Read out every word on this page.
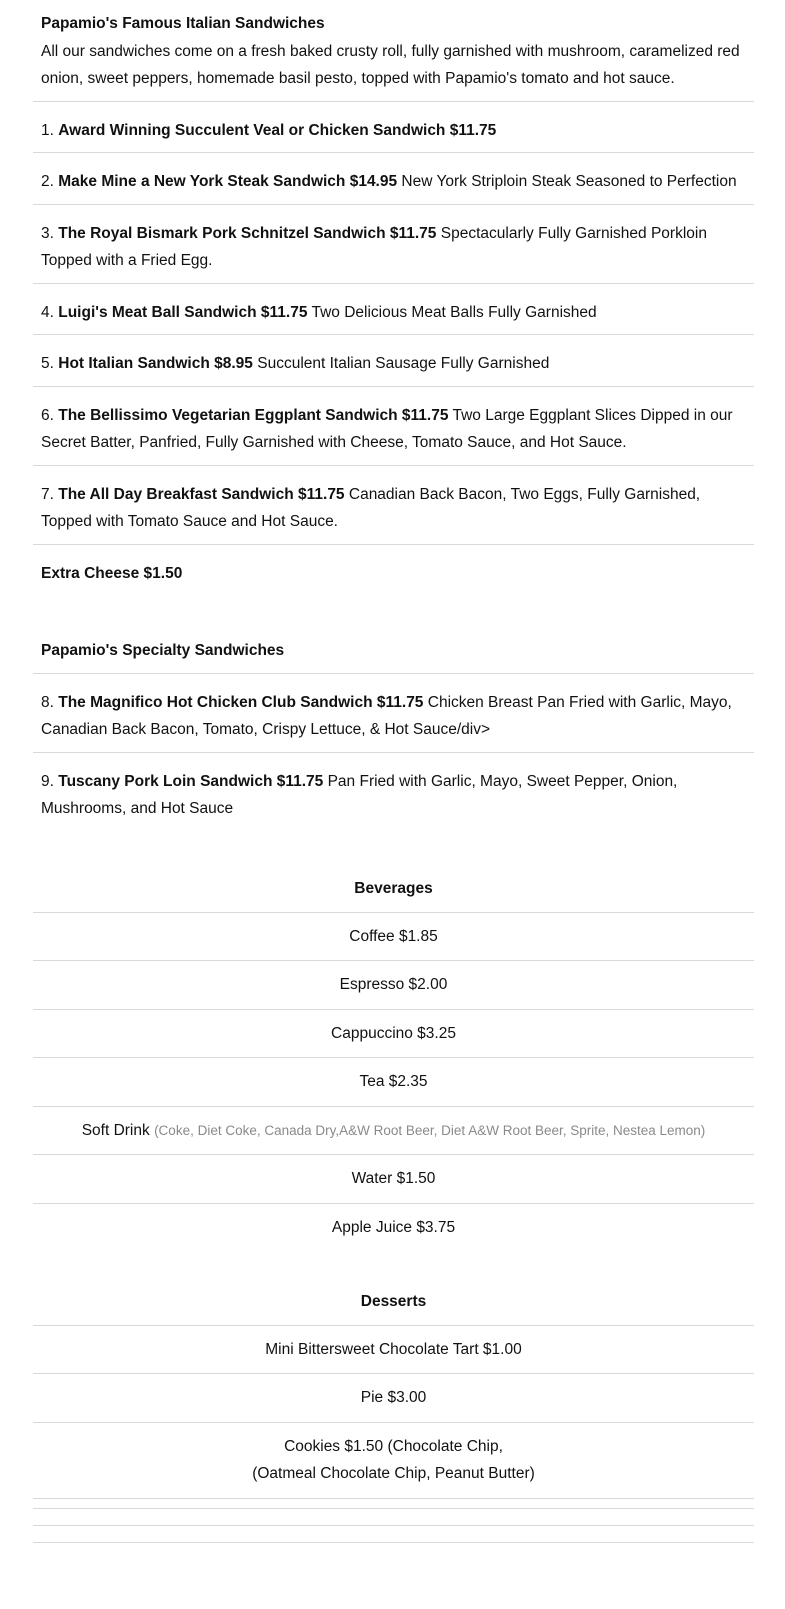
Papamio's Famous Italian Sandwiches
All our sandwiches come on a fresh baked crusty roll, fully garnished with mushroom, caramelized red onion, sweet peppers, homemade basil pesto, topped with Papamio's tomato and hot sauce.
1. Award Winning Succulent Veal or Chicken Sandwich $11.75
2. Make Mine a New York Steak Sandwich $14.95 New York Striploin Steak Seasoned to Perfection
3. The Royal Bismark Pork Schnitzel Sandwich $11.75 Spectacularly Fully Garnished Porkloin Topped with a Fried Egg.
4. Luigi's Meat Ball Sandwich $11.75 Two Delicious Meat Balls Fully Garnished
5. Hot Italian Sandwich $8.95 Succulent Italian Sausage Fully Garnished
6. The Bellissimo Vegetarian Eggplant Sandwich $11.75 Two Large Eggplant Slices Dipped in our Secret Batter, Panfried, Fully Garnished with Cheese, Tomato Sauce, and Hot Sauce.
7. The All Day Breakfast Sandwich $11.75 Canadian Back Bacon, Two Eggs, Fully Garnished, Topped with Tomato Sauce and Hot Sauce.
Extra Cheese $1.50
Papamio's Specialty Sandwiches
8. The Magnifico Hot Chicken Club Sandwich $11.75 Chicken Breast Pan Fried with Garlic, Mayo, Canadian Back Bacon, Tomato, Crispy Lettuce, & Hot Sauce/div>
9. Tuscany Pork Loin Sandwich $11.75 Pan Fried with Garlic, Mayo, Sweet Pepper, Onion, Mushrooms, and Hot Sauce
Beverages
Coffee $1.85
Espresso $2.00
Cappuccino $3.25
Tea $2.35
Soft Drink (Coke, Diet Coke, Canada Dry,A&W Root Beer, Diet A&W Root Beer, Sprite, Nestea Lemon)
Water $1.50
Apple Juice $3.75
Desserts
Mini Bittersweet Chocolate Tart $1.00
Pie $3.00
Cookies $1.50 (Chocolate Chip,
(Oatmeal Chocolate Chip, Peanut Butter)
